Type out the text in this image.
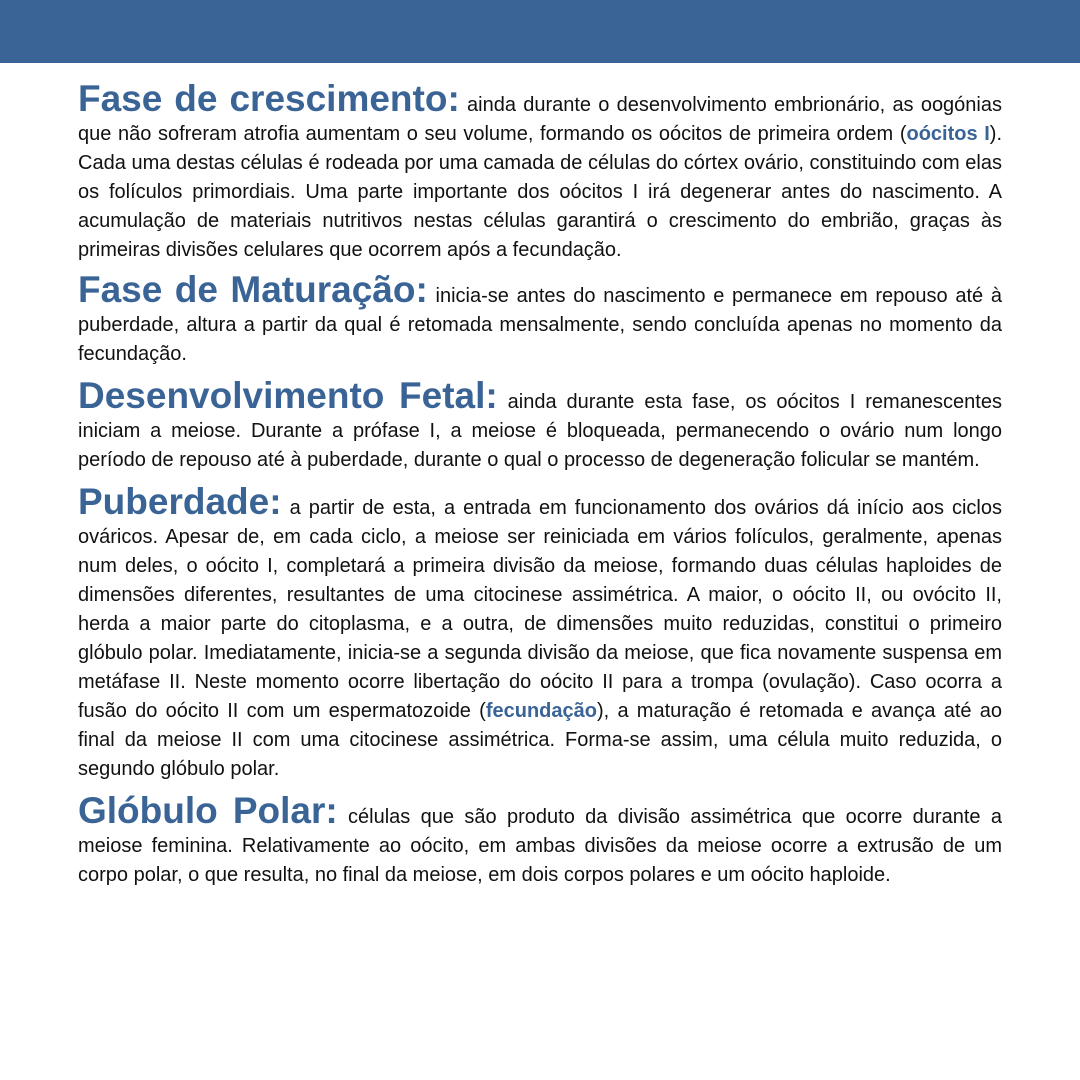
Fase de crescimento: ainda durante o desenvolvimento embrionário, as oogónias que não sofreram atrofia aumentam o seu volume, formando os oócitos de primeira ordem (oócitos I). Cada uma destas células é rodeada por uma camada de células do córtex ovário, constituindo com elas os folículos primordiais. Uma parte importante dos oócitos I irá degenerar antes do nascimento. A acumulação de materiais nutritivos nestas células garantirá o crescimento do embrião, graças às primeiras divisões celulares que ocorrem após a fecundação.

Fase de Maturação: inicia-se antes do nascimento e permanece em repouso até à puberdade, altura a partir da qual é retomada mensalmente, sendo concluída apenas no momento da fecundação.

Desenvolvimento Fetal: ainda durante esta fase, os oócitos I remanescentes iniciam a meiose. Durante a prófase I, a meiose é bloqueada, permanecendo o ovário num longo período de repouso até à puberdade, durante o qual o processo de degeneração folicular se mantém.

Puberdade: a partir de esta, a entrada em funcionamento dos ovários dá início aos ciclos ováricos. Apesar de, em cada ciclo, a meiose ser reiniciada em vários folículos, geralmente, apenas num deles, o oócito I, completará a primeira divisão da meiose, formando duas células haploides de dimensões diferentes, resultantes de uma citocinese assimétrica. A maior, o oócito II, ou ovócito II, herda a maior parte do citoplasma, e a outra, de dimensões muito reduzidas, constitui o primeiro glóbulo polar. Imediatamente, inicia-se a segunda divisão da meiose, que fica novamente suspensa em metáfase II. Neste momento ocorre libertação do oócito II para a trompa (ovulação). Caso ocorra a fusão do oócito II com um espermatozoide (fecundação), a maturação é retomada e avança até ao final da meiose II com uma citocinese assimétrica. Forma-se assim, uma célula muito reduzida, o segundo glóbulo polar.

Glóbulo Polar: células que são produto da divisão assimétrica que ocorre durante a meiose feminina. Relativamente ao oócito, em ambas divisões da meiose ocorre a extrusão de um corpo polar, o que resulta, no final da meiose, em dois corpos polares e um oócito haploide.
